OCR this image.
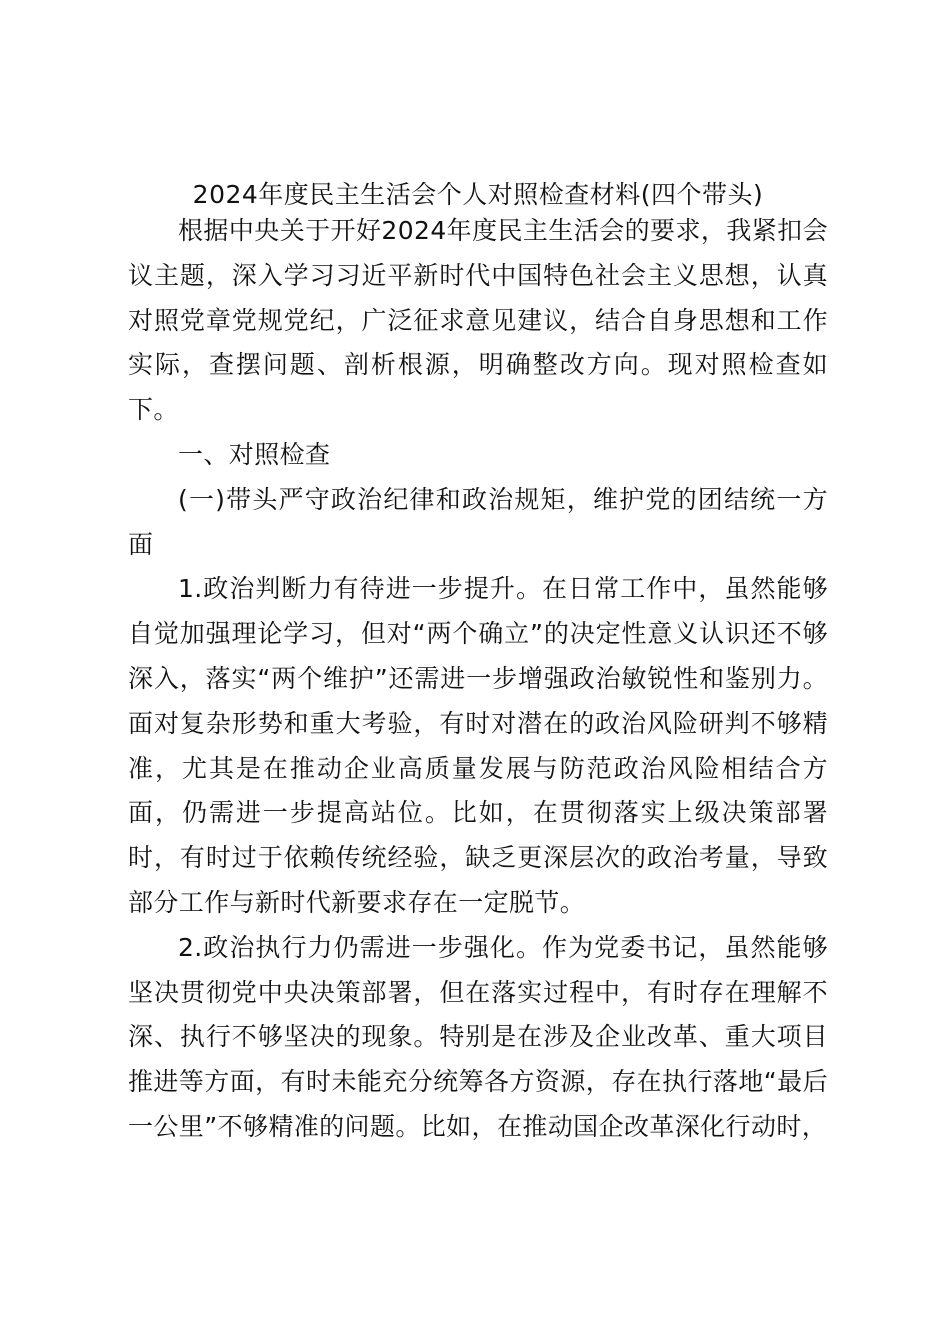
2024年度民主生活会个人对照检查材料(四个带头)

根据中央关于开好2024年度民主生活会的要求，我紧扣会议主题，深入学习习近平新时代中国特色社会主义思想，认真对照党章党规党纪，广泛征求意见建议，结合自身思想和工作实际，查摆问题、剖析根源，明确整改方向。现对照检查如下。

一、对照检查

(一)带头严守政治纪律和政治规矩，维护党的团结统一方面

1.政治判断力有待进一步提升。在日常工作中，虽然能够自觉加强理论学习，但对“两个确立”的决定性意义认识还不够深入，落实“两个维护”还需进一步增强政治敏锐性和鉴别力。面对复杂形势和重大考验，有时对潜在的政治风险研判不够精准，尤其是在推动企业高质量发展与防范政治风险相结合方面，仍需进一步提高站位。比如，在贯彻落实上级决策部署时，有时过于依赖传统经验，缺乏更深层次的政治考量，导致部分工作与新时代新要求存在一定脱节。

2.政治执行力仍需进一步强化。作为党委书记，虽然能够坚决贯彻党中央决策部署，但在落实过程中，有时存在理解不深、执行不够坚决的现象。特别是在涉及企业改革、重大项目推进等方面，有时未能充分统筹各方资源，存在执行落地“最后一公里”不够精准的问题。比如，在推动国企改革深化行动时，
